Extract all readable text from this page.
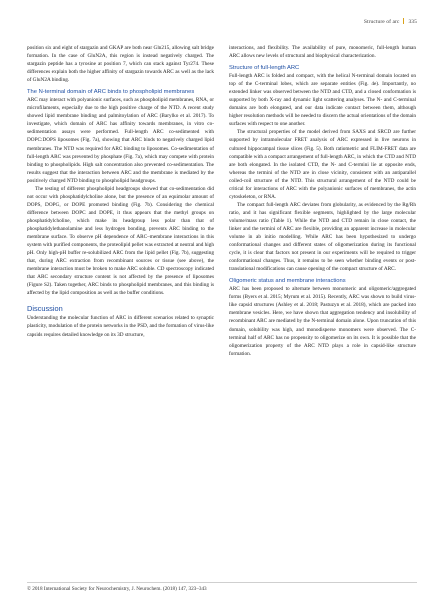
Structure of arc 335

position six and eight of stargazin and GKAP are both near Gln215, allowing salt bridge formation. In the case of GluN2A, this region is instead negatively charged. The stargazin peptide has a tyrosine at position 7, which can stack against Tyr274. These differences explain both the higher affinity of stargazin towards ARC as well as the lack of GluN2A binding.

The N-terminal domain of ARC binds to phospholipid membranes

ARC may interact with polyanionic surfaces, such as phospholipid membranes, RNA, or microfilaments, especially due to the high positive charge of the NTD. A recent study showed lipid membrane binding and palmitoylation of ARC (Barylko et al. 2017). To investigate, which domain of ARC has affinity towards membranes, in vitro co-sedimentation assays were performed. Full-length ARC co-sedimented with DOPC:DOPS liposomes (Fig. 7a), showing that ARC binds to negatively charged lipid membranes. The NTD was required for ARC binding to liposomes. Co-sedimentation of full-length ARC was prevented by phosphate (Fig. 7a), which may compete with protein binding to phospholipids. High salt concentration also prevented co-sedimentation. The results suggest that the interaction between ARC and the membrane is mediated by the positively charged NTD binding to phospholipid headgroups.

The testing of different phospholipid headgroups showed that co-sedimentation did not occur with phosphatidylcholine alone, but the presence of an equimolar amount of DOPS, DOPG, or DOPE promoted binding (Fig. 7b). Considering the chemical difference between DOPC and DOPE, it thus appears that the methyl groups on phosphatidylcholine, which make its headgroup less polar than that of phosphatidylethanolamine and less hydrogen bonding, prevents ARC binding to the membrane surface. To observe pH dependence of ARC–membrane interactions in this system with purified components, the proteolipid pellet was extracted at neutral and high pH. Only high-pH buffer re-solubilized ARC from the lipid pellet (Fig. 7b), suggesting that, during ARC extraction from recombinant sources or tissue (see above), the membrane interaction must be broken to make ARC soluble. CD spectroscopy indicated that ARC secondary structure content is not affected by the presence of liposomes (Figure S2). Taken together, ARC binds to phospholipid membranes, and this binding is affected by the lipid composition as well as the buffer conditions.

Discussion

Understanding the molecular function of ARC in different scenarios related to synaptic plasticity, modulation of the protein networks in the PSD, and the formation of virus-like capsids requires detailed knowledge on its 3D structure,

interactions, and flexibility. The availability of pure, monomeric, full-length human ARC allows new levels of structural and biophysical characterization.

Structure of full-length ARC

Full-length ARC is folded and compact, with the helical N-terminal domain located on top of the C-terminal lobes, which are separate entities (Fig. 4e). Importantly, no extended linker was observed between the NTD and CTD, and a closed conformation is supported by both X-ray and dynamic light scattering analyses. The N- and C-terminal domains are both elongated, and our data indicate contact between them, although higher resolution methods will be needed to discern the actual orientations of the domain surfaces with respect to one another.

The structural properties of the model derived from SAXS and SRCD are further supported by intramolecular FRET analysis of ARC expressed in live neurons in cultured hippocampal tissue slices (Fig. 5). Both ratiometric and FLIM-FRET data are compatible with a compact arrangement of full-length ARC, in which the CTD and NTD are both elongated. In the isolated CTD, the N- and C-termini lie at opposite ends, whereas the termini of the NTD are in close vicinity, consistent with an antiparallel coiled-coil structure of the NTD. This structural arrangement of the NTD could be critical for interactions of ARC with the polyanionic surfaces of membranes, the actin cytoskeleton, or RNA.

The compact full-length ARC deviates from globularity, as evidenced by the Rg/Rh ratio, and it has significant flexible segments, highlighted by the large molecular volume/mass ratio (Table 1). While the NTD and CTD remain in close contact, the linker and the termini of ARC are flexible, providing an apparent increase in molecular volume in ab initio modelling. While ARC has been hypothesized to undergo conformational changes and different states of oligomerization during its functional cycle, it is clear that factors not present in our experiments will be required to trigger conformational changes. Thus, it remains to be seen whether binding events or post-translational modifications can cause opening of the compact structure of ARC.

Oligomeric status and membrane interactions

ARC has been proposed to alternate between monomeric and oligomeric/aggregated forms (Byers et al. 2015; Myrum et al. 2015). Recently, ARC was shown to build virus-like capsid structures (Ashley et al. 2018; Pastuzyn et al. 2018), which are packed into membrane vesicles. Here, we have shown that aggregation tendency and insolubility of recombinant ARC are mediated by the N-terminal domain alone. Upon truncation of this domain, solubility was high, and monodisperse monomers were observed. The C-terminal half of ARC has no propensity to oligomerize on its own. It is possible that the oligomerization property of the ARC NTD plays a role in capsid-like structure formation.

© 2018 International Society for Neurochemistry, J. Neurochem. (2018) 147, 323–343
